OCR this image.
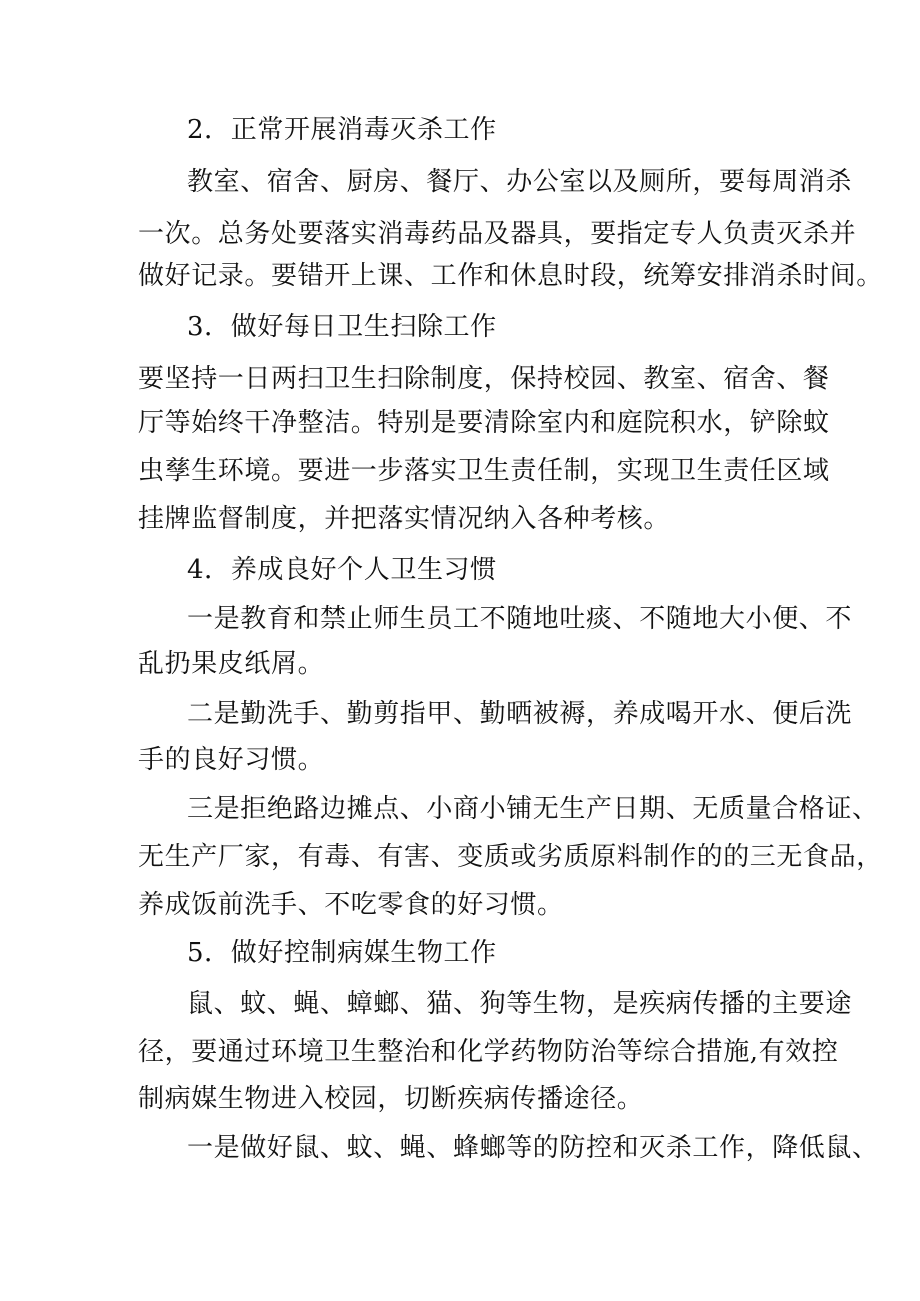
2．正常开展消毒灭杀工作
教室、宿舍、厨房、餐厅、办公室以及厕所，要每周消杀
一次。总务处要落实消毒药品及器具，要指定专人负责灭杀并
做好记录。要错开上课、工作和休息时段，统筹安排消杀时间。
3．做好每日卫生扫除工作
要坚持一日两扫卫生扫除制度，保持校园、教室、宿舍、餐
厅等始终干净整洁。特别是要清除室内和庭院积水，铲除蚊
虫孳生环境。要进一步落实卫生责任制，实现卫生责任区域
挂牌监督制度，并把落实情况纳入各种考核。
4．养成良好个人卫生习惯
一是教育和禁止师生员工不随地吐痰、不随地大小便、不
乱扔果皮纸屑。
二是勤洗手、勤剪指甲、勤晒被褥，养成喝开水、便后洗
手的良好习惯。
三是拒绝路边摊点、小商小铺无生产日期、无质量合格证、
无生产厂家，有毒、有害、变质或劣质原料制作的的三无食品，
养成饭前洗手、不吃零食的好习惯。
5．做好控制病媒生物工作
鼠、蚊、蝇、蟑螂、猫、狗等生物，是疾病传播的主要途
径，要通过环境卫生整治和化学药物防治等综合措施,有效控
制病媒生物进入校园，切断疾病传播途径。
一是做好鼠、蚊、蝇、蜂螂等的防控和灭杀工作，降低鼠、
